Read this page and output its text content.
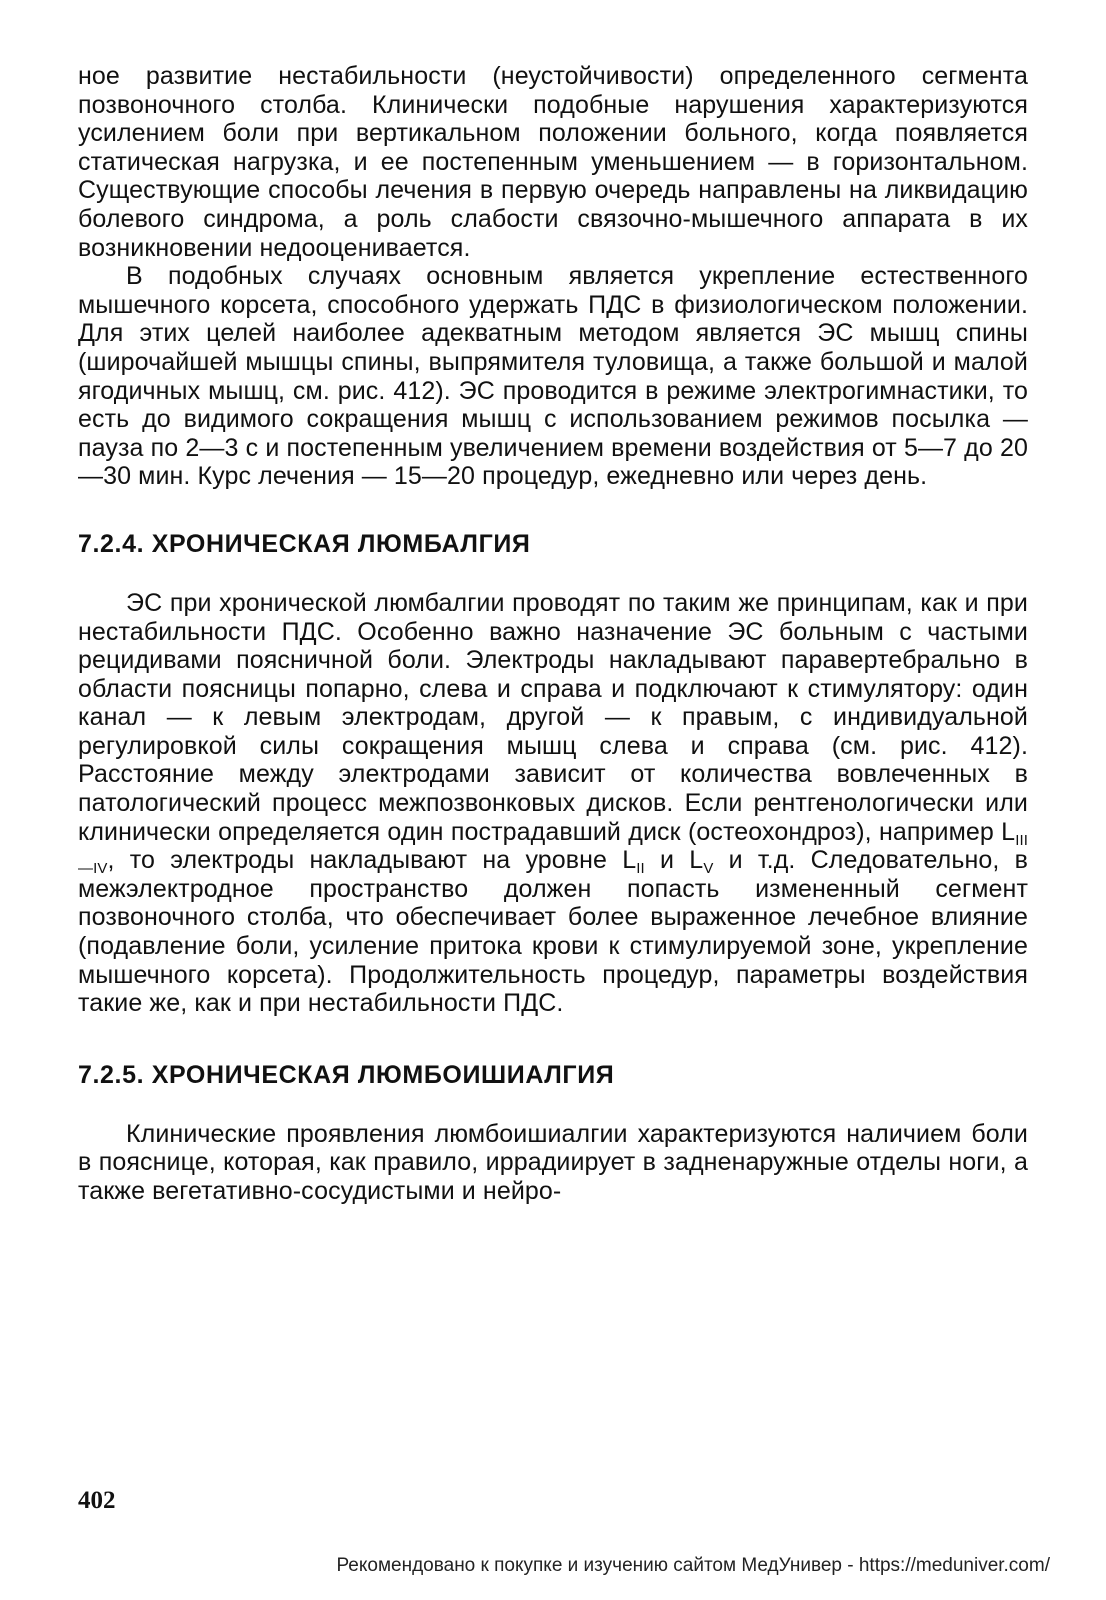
ное развитие нестабильности (неустойчивости) определенного сегмента позвоночного столба. Клинически подобные нарушения характеризуются усилением боли при вертикальном положении больного, когда появляется статическая нагрузка, и ее постепенным уменьшением — в горизонтальном. Существующие способы лечения в первую очередь направлены на ликвидацию болевого синдрома, а роль слабости связочно-мышечного аппарата в их возникновении недооценивается.

В подобных случаях основным является укрепление естественного мышечного корсета, способного удержать ПДС в физиологическом положении. Для этих целей наиболее адекватным методом является ЭС мышц спины (широчайшей мышцы спины, выпрямителя туловища, а также большой и малой ягодичных мышц, см. рис. 412). ЭС проводится в режиме электрогимнастики, то есть до видимого сокращения мышц с использованием режимов посылка — пауза по 2—3 с и постепенным увеличением времени воздействия от 5—7 до 20—30 мин. Курс лечения — 15—20 процедур, ежедневно или через день.

7.2.4. ХРОНИЧЕСКАЯ ЛЮМБАЛГИЯ

ЭС при хронической люмбалгии проводят по таким же принципам, как и при нестабильности ПДС. Особенно важно назначение ЭС больным с частыми рецидивами поясничной боли. Электроды накладывают паравертебрально в области поясницы попарно, слева и справа и подключают к стимулятору: один канал — к левым электродам, другой — к правым, с индивидуальной регулировкой силы сокращения мышц слева и справа (см. рис. 412). Расстояние между электродами зависит от количества вовлеченных в патологический процесс межпозвонковых дисков. Если рентгенологически или клинически определяется один пострадавший диск (остеохондроз), например $L_{III—IV}$, то электроды накладывают на уровне $L_{II}$ и $L_V$ и т.д. Следовательно, в межэлектродное пространство должен попасть измененный сегмент позвоночного столба, что обеспечивает более выраженное лечебное влияние (подавление боли, усиление притока крови к стимулируемой зоне, укрепление мышечного корсета). Продолжительность процедур, параметры воздействия такие же, как и при нестабильности ПДС.

7.2.5. ХРОНИЧЕСКАЯ ЛЮМБОИШИАЛГИЯ

Клинические проявления люмбоишиалгии характеризуются наличием боли в пояснице, которая, как правило, иррадиирует в задненаружные отделы ноги, а также вегетативно-сосудистыми и нейро-

402

Рекомендовано к покупке и изучению сайтом МедУнивер - https://meduniver.com/
